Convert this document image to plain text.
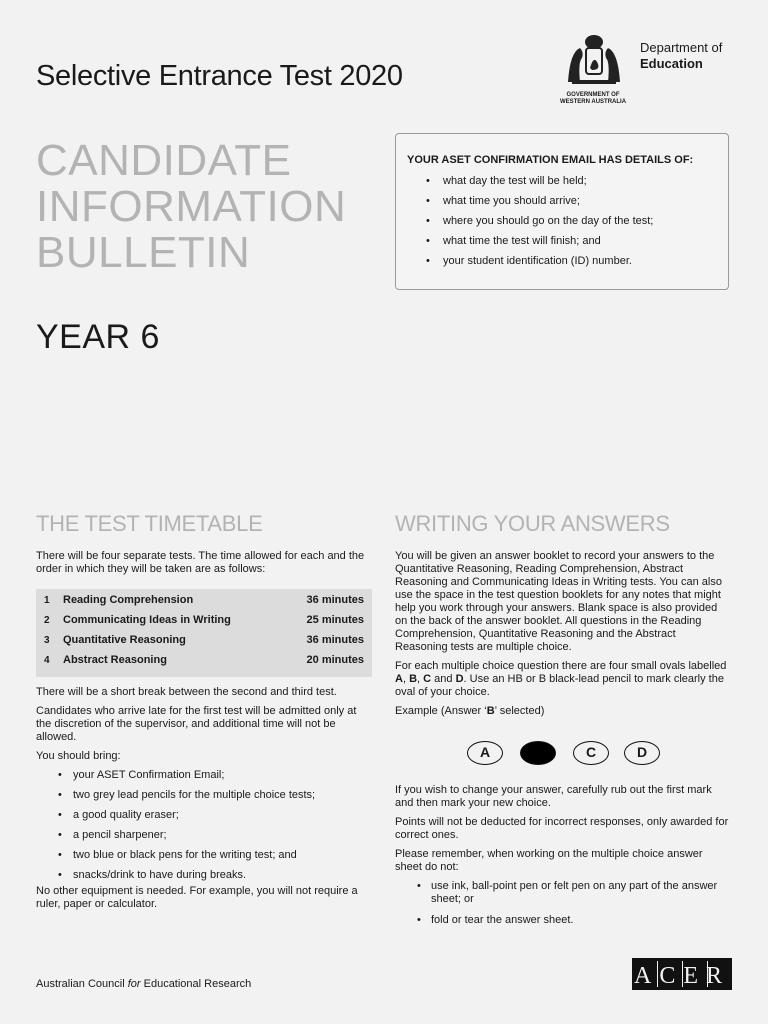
Selective Entrance Test 2020
GOVERNMENT OF
WESTERN AUSTRALIA
Department of
Education
CANDIDATE
INFORMATION
BULLETIN
YEAR 6
YOUR ASET CONFIRMATION EMAIL HAS DETAILS OF:
• what day the test will be held;
• what time you should arrive;
• where you should go on the day of the test;
• what time the test will finish; and
• your student identification (ID) number.
THE TEST TIMETABLE

There will be four separate tests. The time allowed for each and the order in which they will be taken are as follows:

1 Reading Comprehension	36 minutes
2 Communicating Ideas in Writing	25 minutes
3 Quantitative Reasoning	36 minutes
4 Abstract Reasoning	20 minutes

There will be a short break between the second and third test.

Candidates who arrive late for the first test will be admitted only at the discretion of the supervisor, and additional time will not be allowed.

You should bring:

• your ASET Confirmation Email;
• two grey lead pencils for the multiple choice tests;
• a good quality eraser;
• a pencil sharpener;
• two blue or black pens for the writing test; and
• snacks/drink to have during breaks.

No other equipment is needed. For example, you will not require a ruler, paper or calculator.

WRITING YOUR ANSWERS

You will be given an answer booklet to record your answers to the Quantitative Reasoning, Reading Comprehension, Abstract Reasoning and Communicating Ideas in Writing tests. You can also use the space in the test question booklets for any notes that might help you work through your answers. Blank space is also provided on the back of the answer booklet. All questions in the Reading Comprehension, Quantitative Reasoning and the Abstract Reasoning tests are multiple choice.

For each multiple choice question there are four small ovals labelled A, B, C and D. Use an HB or B black-lead pencil to mark clearly the oval of your choice.

Example (Answer ‘B’ selected)

A	C	D

If you wish to change your answer, carefully rub out the first mark and then mark your new choice.

Points will not be deducted for incorrect responses, only awarded for correct ones.

Please remember, when working on the multiple choice answer sheet do not:

• use ink, ball-point pen or felt pen on any part of the answer sheet; or
• fold or tear the answer sheet.
Australian Council for Educational Research	ACER
